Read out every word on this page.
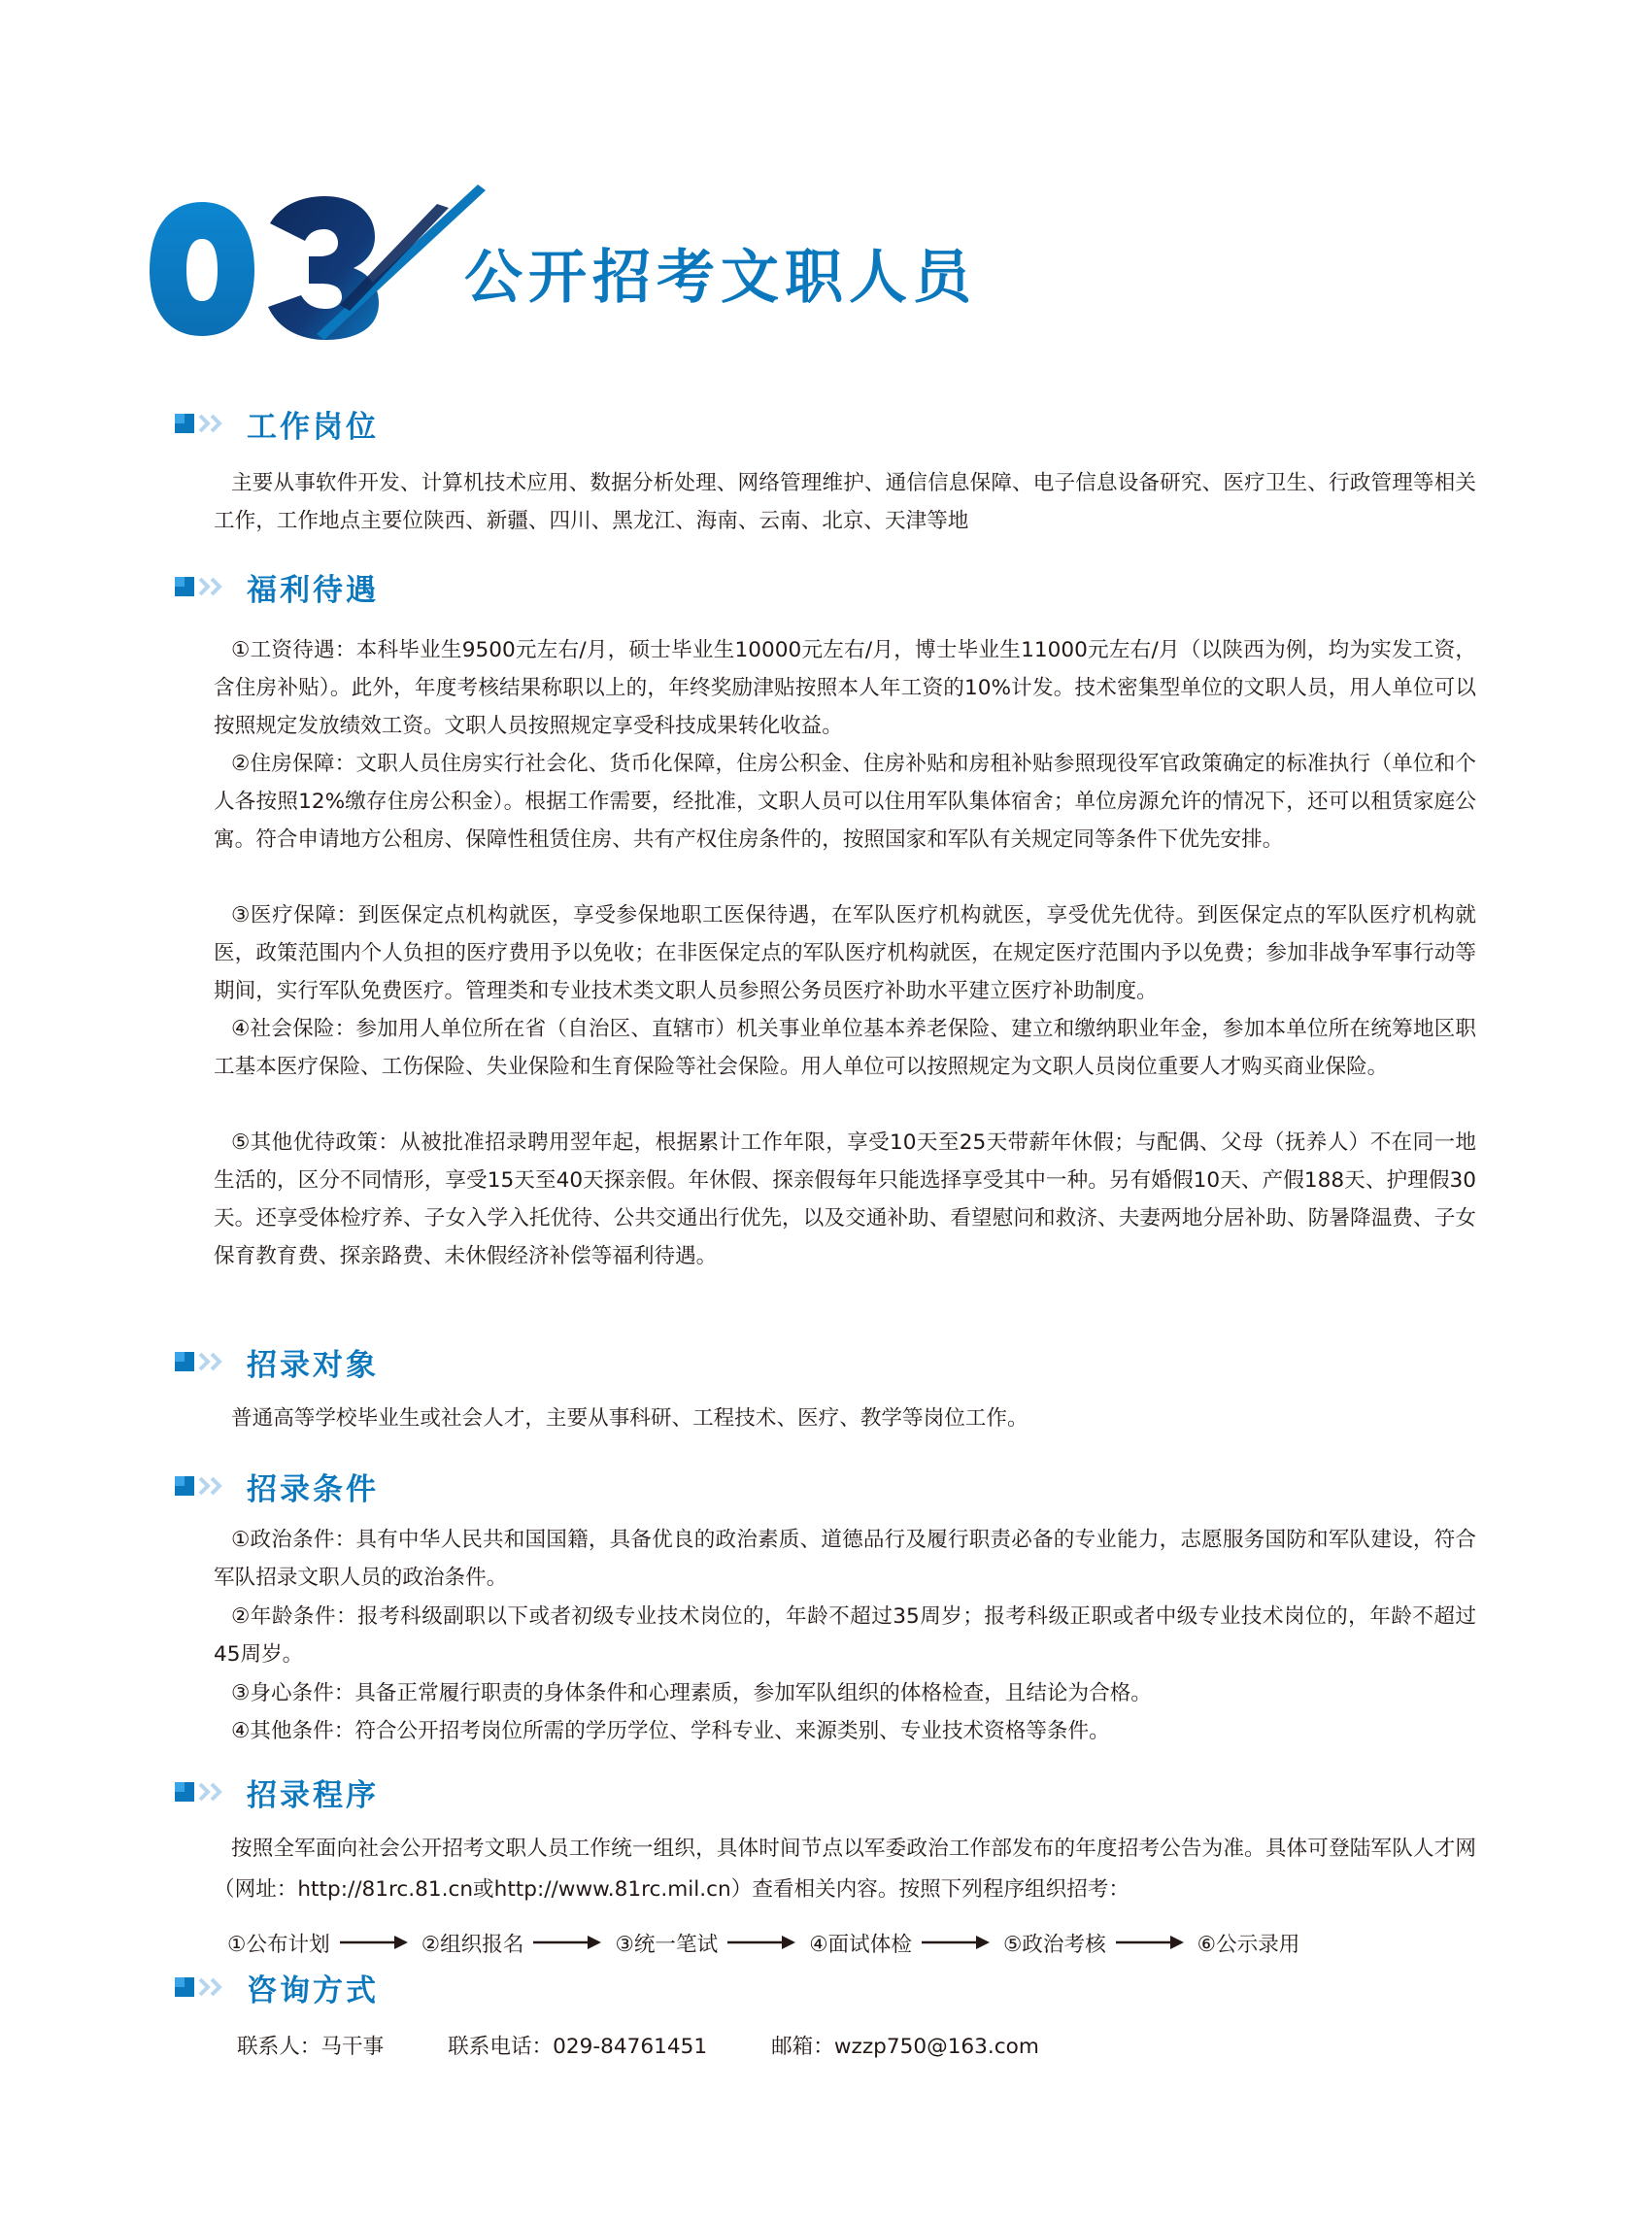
公开招考文职人员
工作岗位

主要从事软件开发、计算机技术应用、数据分析处理、网络管理维护、通信信息保障、电子信息设备研究、医疗卫生、行政管理等相关工作，工作地点主要位陕西、新疆、四川、黑龙江、海南、云南、北京、天津等地

福利待遇

①工资待遇：本科毕业生9500元左右/月，硕士毕业生10000元左右/月，博士毕业生11000元左右/月（以陕西为例，均为实发工资，含住房补贴）。此外，年度考核结果称职以上的，年终奖励津贴按照本人年工资的10%计发。技术密集型单位的文职人员，用人单位可以按照规定发放绩效工资。文职人员按照规定享受科技成果转化收益。

②住房保障：文职人员住房实行社会化、货币化保障，住房公积金、住房补贴和房租补贴参照现役军官政策确定的标准执行（单位和个人各按照12%缴存住房公积金）。根据工作需要，经批准，文职人员可以住用军队集体宿舍；单位房源允许的情况下，还可以租赁家庭公寓。符合申请地方公租房、保障性租赁住房、共有产权住房条件的，按照国家和军队有关规定同等条件下优先安排。

③医疗保障：到医保定点机构就医，享受参保地职工医保待遇，在军队医疗机构就医，享受优先优待。到医保定点的军队医疗机构就医，政策范围内个人负担的医疗费用予以免收；在非医保定点的军队医疗机构就医，在规定医疗范围内予以免费；参加非战争军事行动等期间，实行军队免费医疗。管理类和专业技术类文职人员参照公务员医疗补助水平建立医疗补助制度。

④社会保险：参加用人单位所在省（自治区、直辖市）机关事业单位基本养老保险、建立和缴纳职业年金，参加本单位所在统筹地区职工基本医疗保险、工伤保险、失业保险和生育保险等社会保险。用人单位可以按照规定为文职人员岗位重要人才购买商业保险。

⑤其他优待政策：从被批准招录聘用翌年起，根据累计工作年限，享受10天至25天带薪年休假；与配偶、父母（抚养人）不在同一地生活的，区分不同情形，享受15天至40天探亲假。年休假、探亲假每年只能选择享受其中一种。另有婚假10天、产假188天、护理假30天。还享受体检疗养、子女入学入托优待、公共交通出行优先，以及交通补助、看望慰问和救济、夫妻两地分居补助、防暑降温费、子女保育教育费、探亲路费、未休假经济补偿等福利待遇。

招录对象

普通高等学校毕业生或社会人才，主要从事科研、工程技术、医疗、教学等岗位工作。

招录条件

①政治条件：具有中华人民共和国国籍，具备优良的政治素质、道德品行及履行职责必备的专业能力，志愿服务国防和军队建设，符合军队招录文职人员的政治条件。

②年龄条件：报考科级副职以下或者初级专业技术岗位的，年龄不超过35周岁；报考科级正职或者中级专业技术岗位的，年龄不超过45周岁。

③身心条件：具备正常履行职责的身体条件和心理素质，参加军队组织的体格检查，且结论为合格。

④其他条件：符合公开招考岗位所需的学历学位、学科专业、来源类别、专业技术资格等条件。

招录程序

按照全军面向社会公开招考文职人员工作统一组织，具体时间节点以军委政治工作部发布的年度招考公告为准。具体可登陆军队人才网（网址：http://81rc.81.cn或http://www.81rc.mil.cn）查看相关内容。按照下列程序组织招考：

①公布计划	②组织报名	③统一笔试	④面试体检	⑤政治考核	⑥公示录用
咨询方式
联系人：马干事	联系电话：029-84761451	邮箱：wzzp750@163.com
